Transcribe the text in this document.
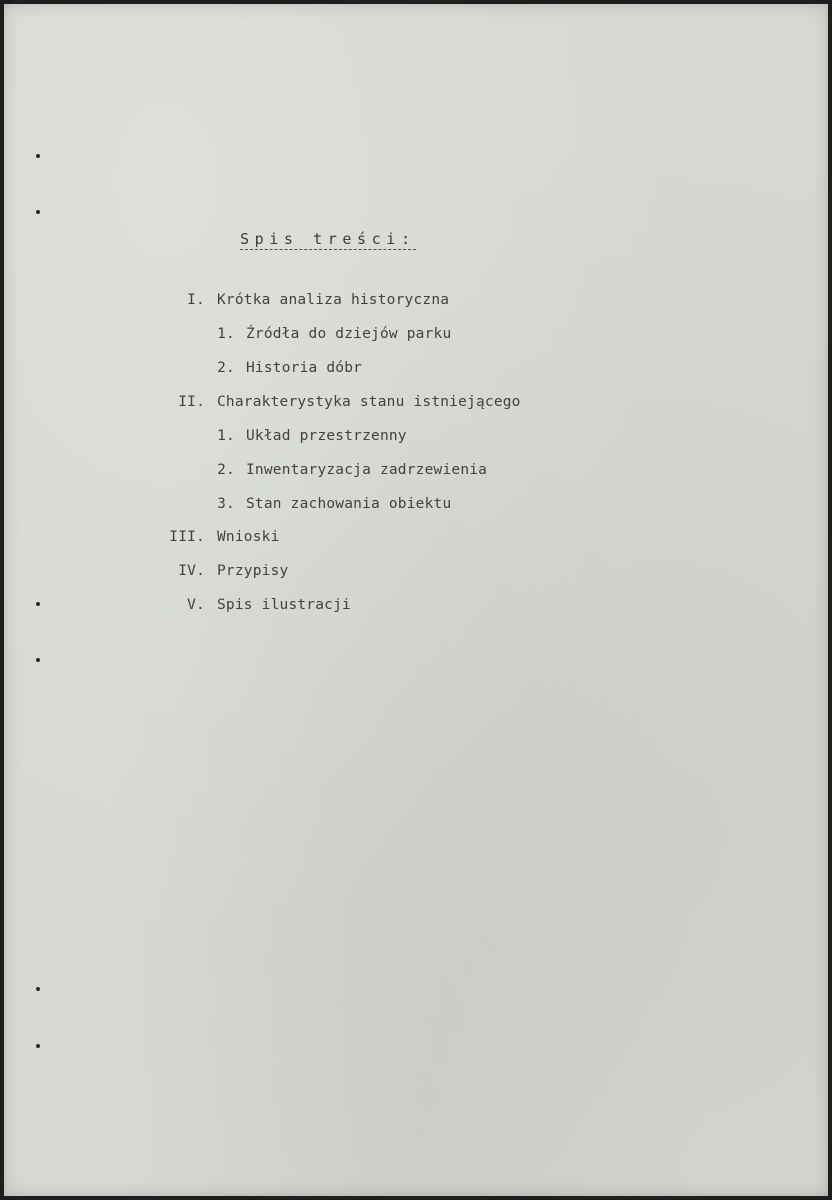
Spis treści:
I. Krótka analiza historyczna
1. Źródła do dziejów parku
2. Historia dóbr
II. Charakterystyka stanu istniejącego
1. Układ przestrzenny
2. Inwentaryzacja zadrzewienia
3. Stan zachowania obiektu
III. Wnioski
IV. Przypisy
V. Spis ilustracji
